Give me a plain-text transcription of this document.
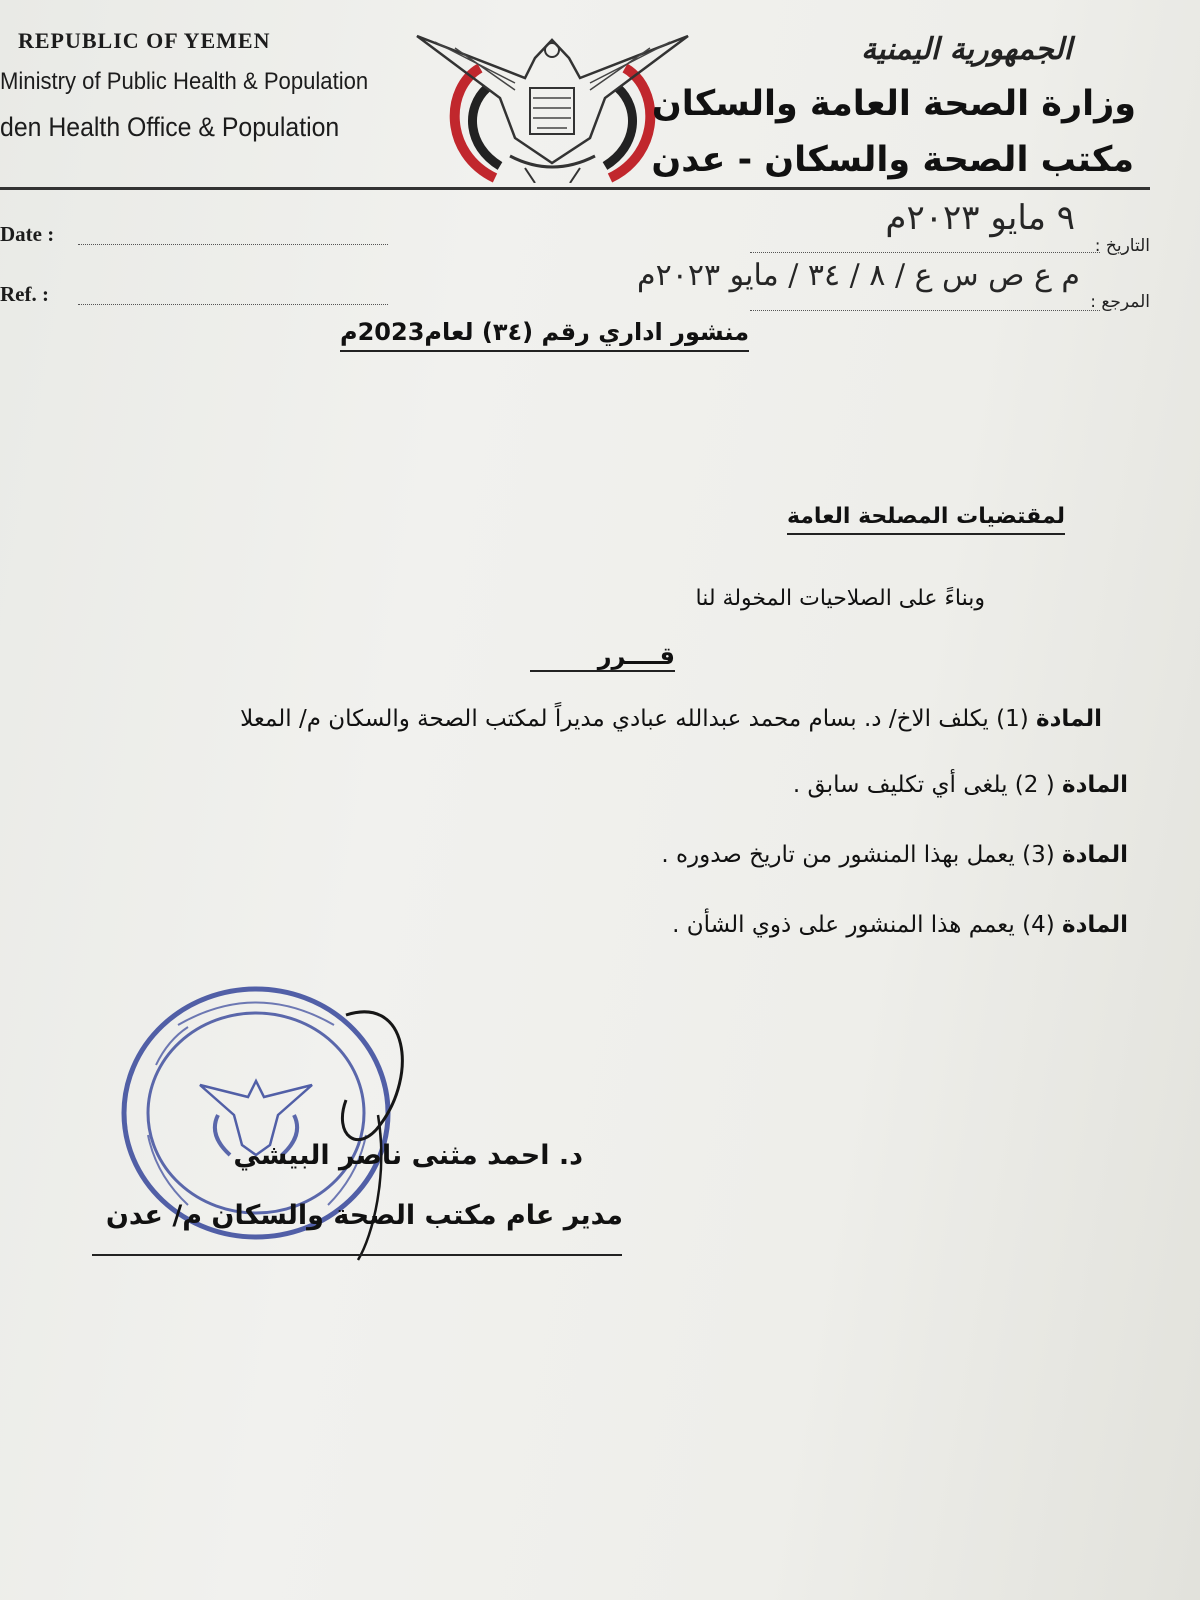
REPUBLIC OF YEMEN
Ministry of Public Health & Population
den Health Office & Population
الجمهورية اليمنية
وزارة الصحة العامة والسكان
مكتب الصحة والسكان - عدن
Date :
Ref. :
التاريخ :
٩ مايو ٢٠٢٣م
المرجع :
م ع ص س ع / ٨ / ٣٤ / مايو ٢٠٢٣م
منشور اداري رقم (٣٤) لعام2023م
لمقتضيات المصلحة العامة
وبناءً على الصلاحيات المخولة لنا
قــــرر
المادة (1) يكلف الاخ/ د. بسام محمد عبدالله عبادي مديراً لمكتب الصحة والسكان م/ المعلا
المادة ( 2) يلغى أي تكليف سابق .
المادة (3) يعمل بهذا المنشور من تاريخ صدوره .
المادة (4) يعمم هذا المنشور على ذوي الشأن .
د. احمد مثنى ناصر البيشي
مدير عام مكتب الصحة والسكان م/ عدن
